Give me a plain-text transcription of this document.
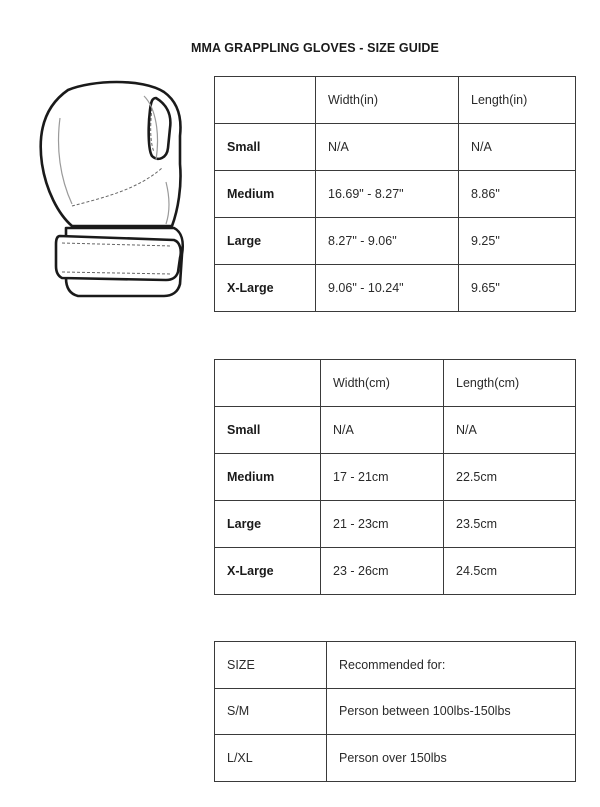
MMA GRAPPLING GLOVES - SIZE GUIDE
	Width(in)	Length(in)
Small	N/A	N/A
Medium	16.69" - 8.27"	8.86"
Large	8.27" - 9.06"	9.25"
X-Large	9.06" - 10.24"	9.65"
	Width(cm)	Length(cm)
Small	N/A	N/A
Medium	17 - 21cm	22.5cm
Large	21 - 23cm	23.5cm
X-Large	23 - 26cm	24.5cm
SIZE	Recommended for:
S/M	Person between 100lbs-150lbs
L/XL	Person over 150lbs
